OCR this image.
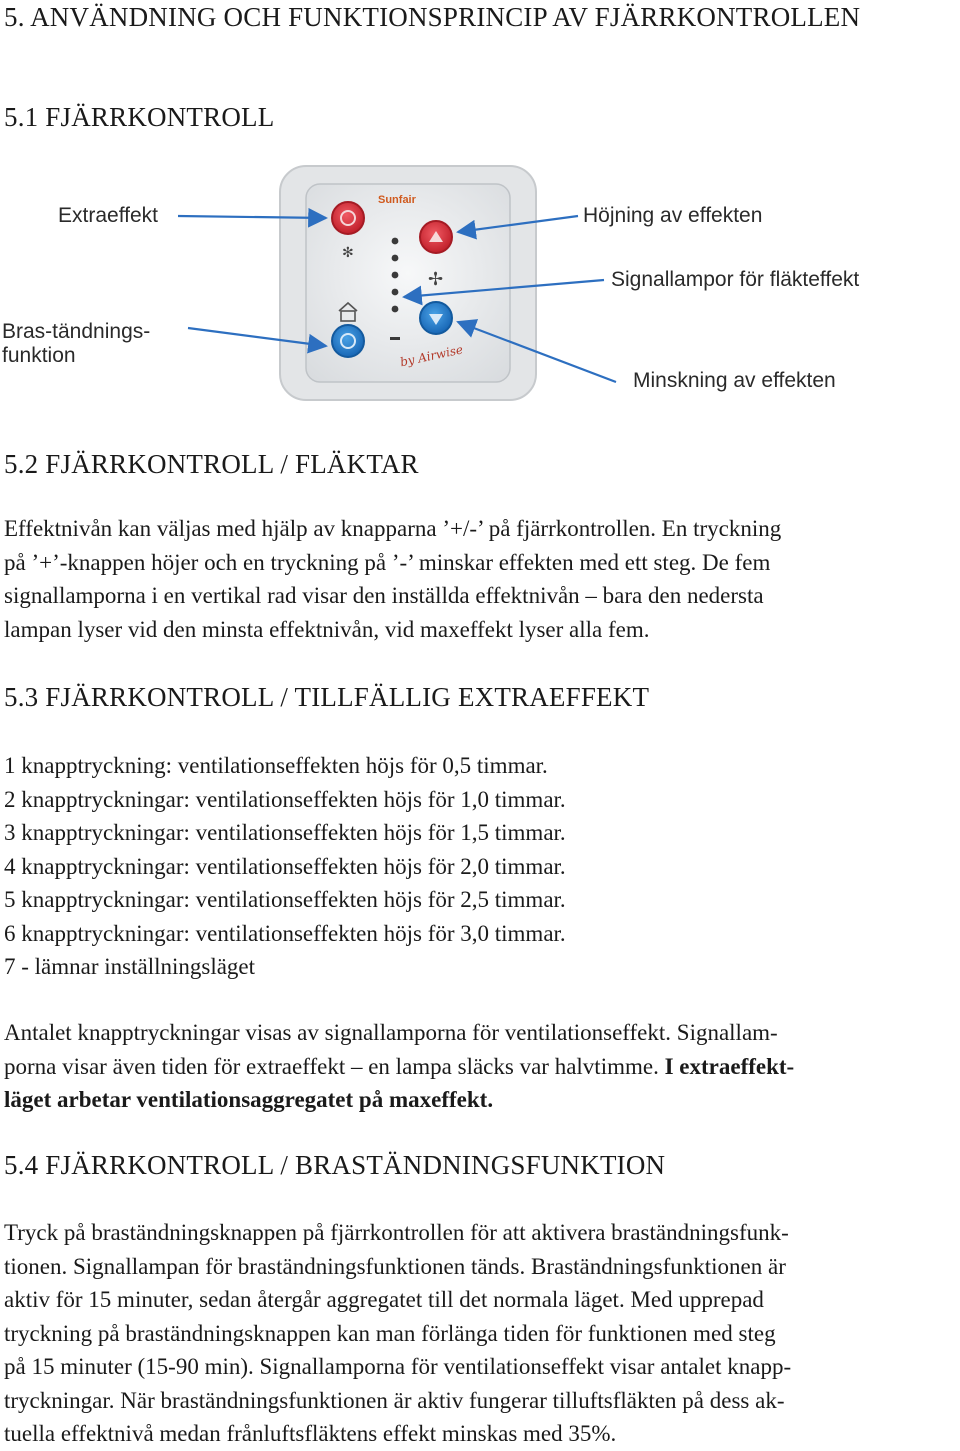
5. ANVÄNDNING OCH FUNKTIONSPRINCIP AV FJÄRRKONTROLLEN
5.1 FJÄRRKONTROLL
Sunfair
by Airwise
✻
✢
Extraeffekt	Höjning av effekten
Signallampor för fläkteffekt
Bras-tändnings-
funktion
Minskning av effekten
5.2 FJÄRRKONTROLL / FLÄKTAR
Effektnivån kan väljas med hjälp av knapparna ’+/-’ på fjärrkontrollen. En tryckning
på ’+’-knappen höjer och en tryckning på ’-’ minskar effekten med ett steg. De fem
signallamporna i en vertikal rad visar den inställda effektnivån – bara den nedersta
lampan lyser vid den minsta effektnivån, vid maxeffekt lyser alla fem.
5.3 FJÄRRKONTROLL / TILLFÄLLIG EXTRAEFFEKT
1 knapptryckning: ventilationseffekten höjs för 0,5 timmar.
2 knapptryckningar: ventilationseffekten höjs för 1,0 timmar.
3 knapptryckningar: ventilationseffekten höjs för 1,5 timmar.
4 knapptryckningar: ventilationseffekten höjs för 2,0 timmar.
5 knapptryckningar: ventilationseffekten höjs för 2,5 timmar.
6 knapptryckningar: ventilationseffekten höjs för 3,0 timmar.
7 - lämnar inställningsläget
Antalet knapptryckningar visas av signallamporna för ventilationseffekt. Signallam-
porna visar även tiden för extraeffekt – en lampa släcks var halvtimme. I extraeffekt-
läget arbetar ventilationsaggregatet på maxeffekt.
5.4 FJÄRRKONTROLL / BRASTÄNDNINGSFUNKTION
Tryck på braständningsknappen på fjärrkontrollen för att aktivera braständningsfunk-
tionen. Signallampan för braständningsfunktionen tänds. Braständningsfunktionen är
aktiv för 15 minuter, sedan återgår aggregatet till det normala läget. Med upprepad
tryckning på braständningsknappen kan man förlänga tiden för funktionen med steg
på 15 minuter (15-90 min). Signallamporna för ventilationseffekt visar antalet knapp-
tryckningar. När braständningsfunktionen är aktiv fungerar tilluftsfläkten på dess ak-
tuella effektnivå medan frånluftsfläktens effekt minskas med 35%.
